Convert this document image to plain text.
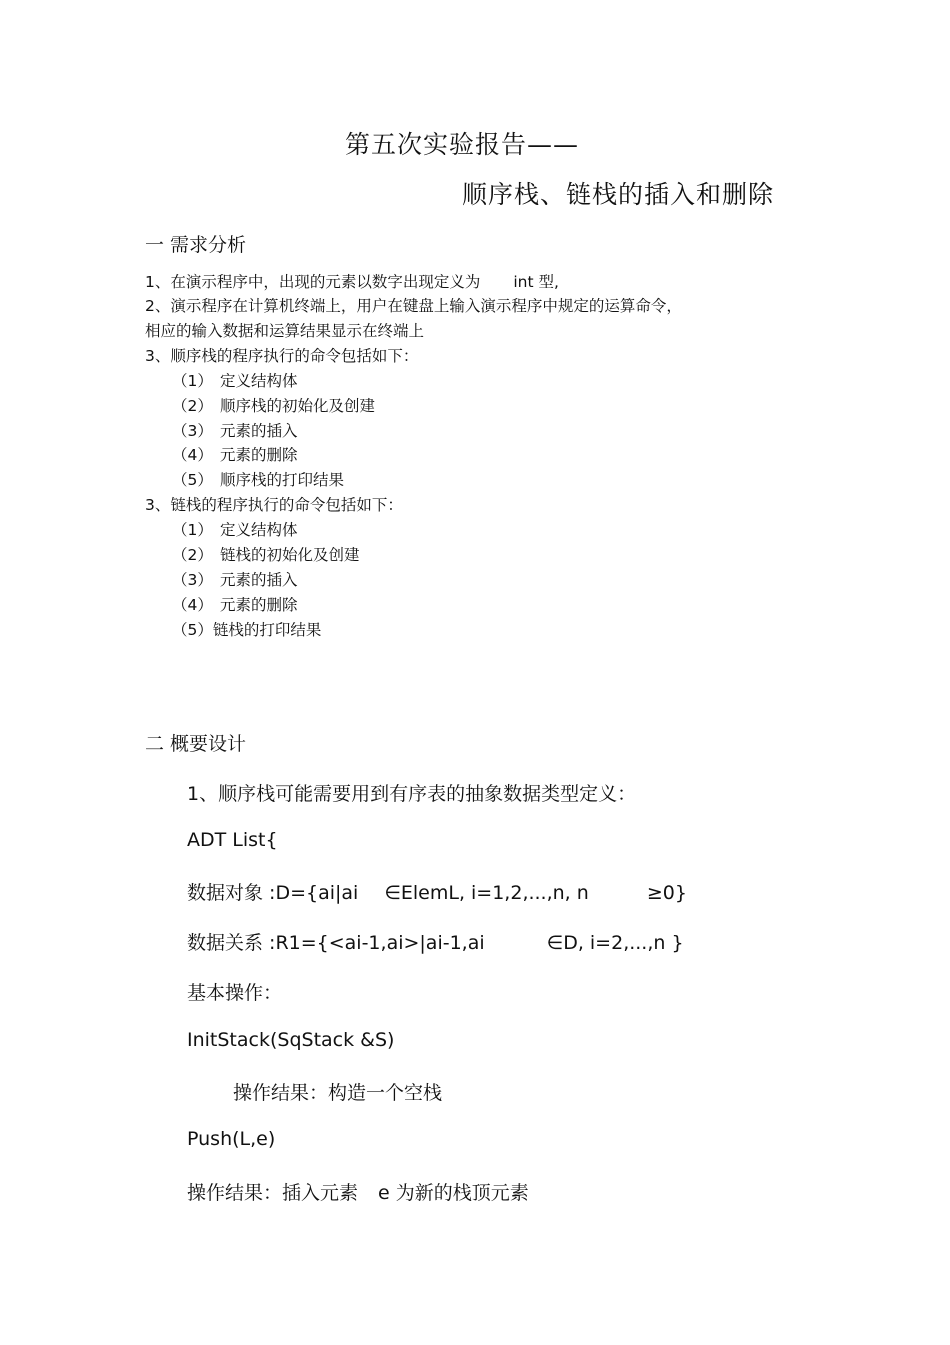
第五次实验报告——
顺序栈、链栈的插入和删除
一 需求分析
1、在演示程序中，出现的元素以数字出现定义为 int 型,
2、演示程序在计算机终端上，用户在键盘上输入演示程序中规定的运算命令，
相应的输入数据和运算结果显示在终端上
3、顺序栈的程序执行的命令包括如下：
（1） 定义结构体
（2） 顺序栈的初始化及创建
（3） 元素的插入
（4） 元素的删除
（5） 顺序栈的打印结果
3、链栈的程序执行的命令包括如下：
（1） 定义结构体
（2） 链栈的初始化及创建
（3） 元素的插入
（4） 元素的删除
（5）链栈的打印结果
二 概要设计
1、顺序栈可能需要用到有序表的抽象数据类型定义：
ADT List{
数据对象 :D={ai|ai ∈ElemL, i=1,2,...,n, n	≥0}
数据关系 :R1={<ai-1,ai>|ai-1,ai	∈D, i=2,...,n }
基本操作：
InitStack(SqStack &S)
操作结果：构造一个空栈
Push(L,e)
操作结果：插入元素 e 为新的栈顶元素
